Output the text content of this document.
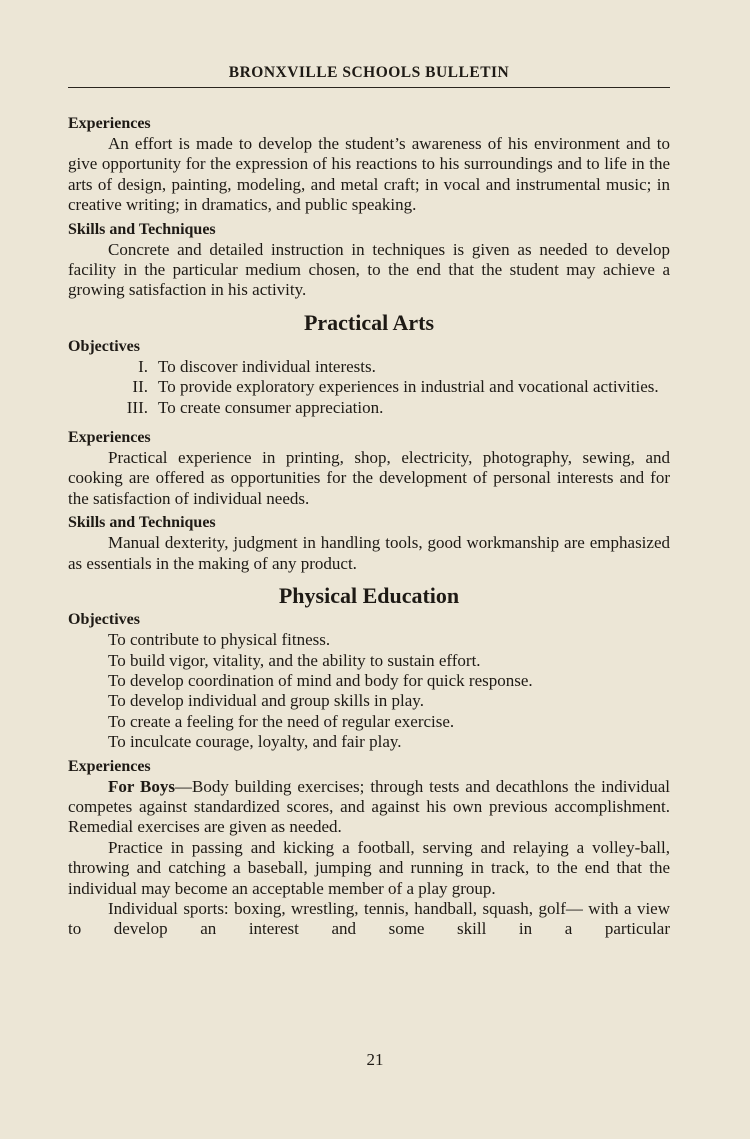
BRONXVILLE SCHOOLS BULLETIN
Experiences
An effort is made to develop the student’s awareness of his environment and to give opportunity for the expression of his reactions to his surroundings and to life in the arts of design, painting, modeling, and metal craft; in vocal and instrumental music; in creative writing; in dramatics, and public speaking.
Skills and Techniques
Concrete and detailed instruction in techniques is given as needed to develop facility in the particular medium chosen, to the end that the student may achieve a growing satisfaction in his activity.
Practical Arts
Objectives
I. To discover individual interests.
II. To provide exploratory experiences in industrial and vocational activities.
III. To create consumer appreciation.
Experiences
Practical experience in printing, shop, electricity, photography, sewing, and cooking are offered as opportunities for the development of personal interests and for the satisfaction of individual needs.
Skills and Techniques
Manual dexterity, judgment in handling tools, good workmanship are emphasized as essentials in the making of any product.
Physical Education
Objectives
To contribute to physical fitness.
To build vigor, vitality, and the ability to sustain effort.
To develop coordination of mind and body for quick response.
To develop individual and group skills in play.
To create a feeling for the need of regular exercise.
To inculcate courage, loyalty, and fair play.
Experiences
For Boys—Body building exercises; through tests and decathlons the individual competes against standardized scores, and against his own previous accomplishment. Remedial exercises are given as needed.
Practice in passing and kicking a football, serving and relaying a volley-ball, throwing and catching a baseball, jumping and running in track, to the end that the individual may become an acceptable member of a play group.
Individual sports: boxing, wrestling, tennis, handball, squash, golf— with a view to develop an interest and some skill in a particular
21
